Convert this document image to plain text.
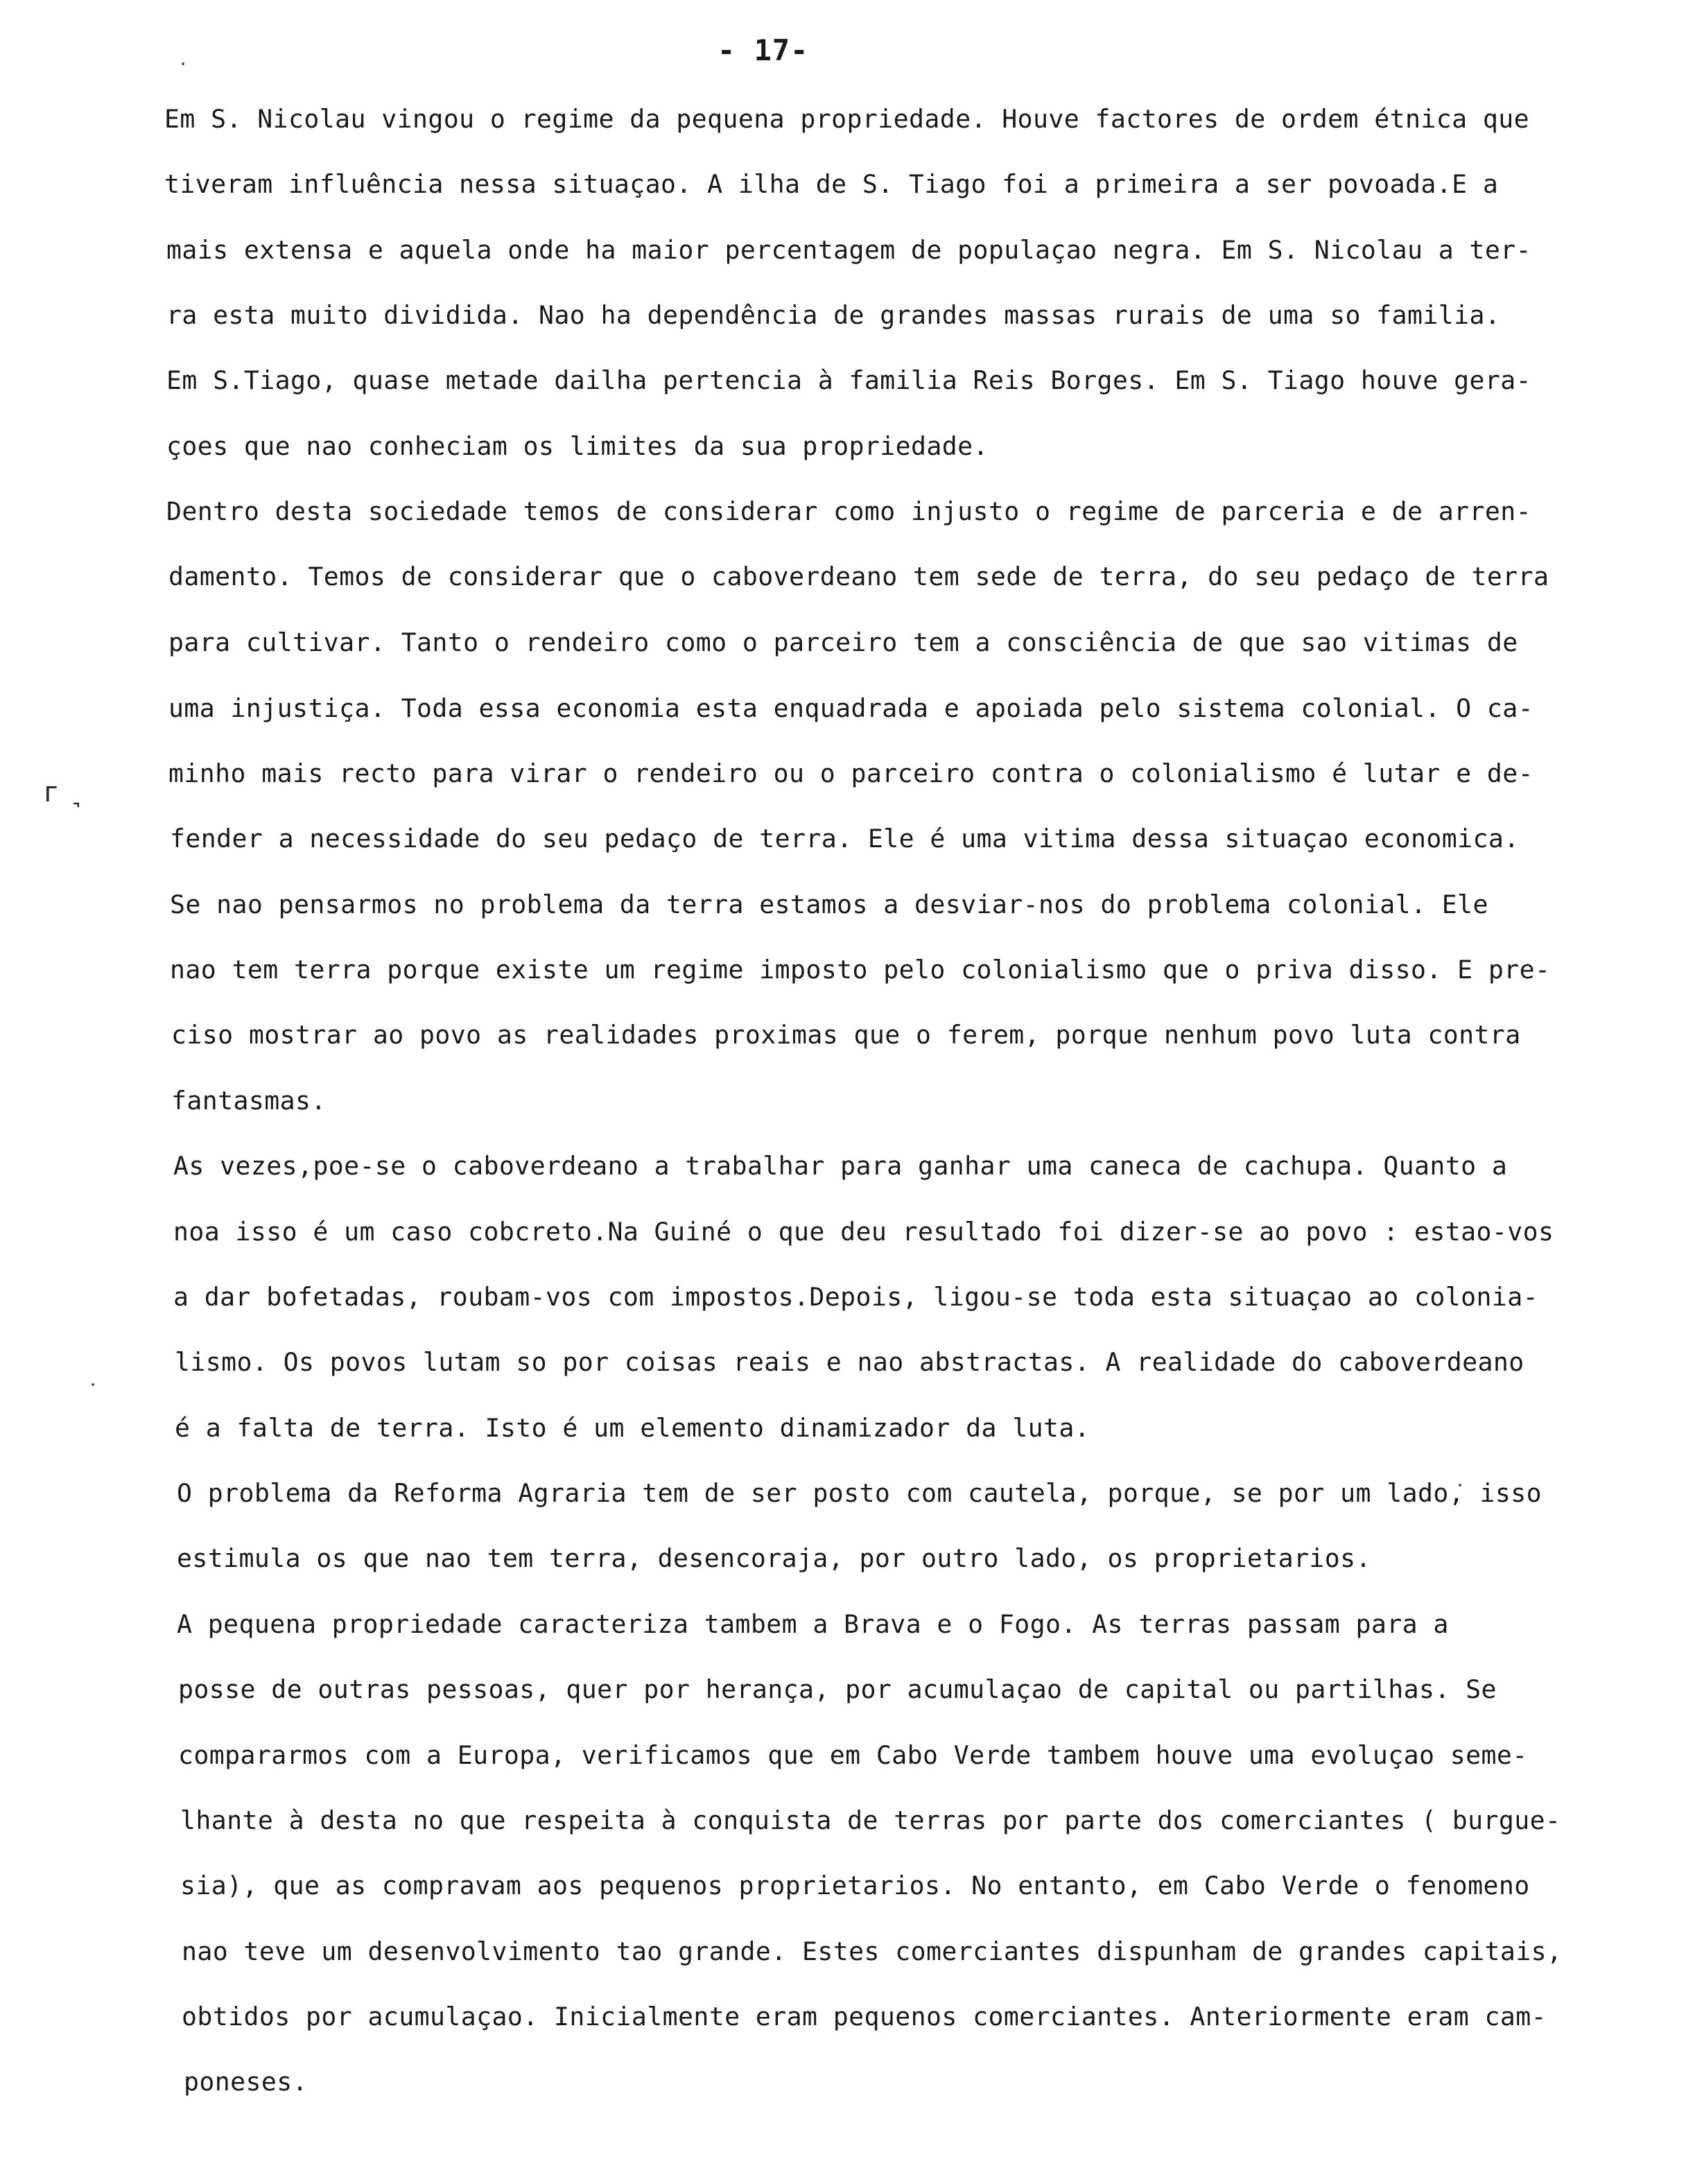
- 17-
г ͉
Em S. Nicolau vingou o regime da pequena propriedade. Houve factores de ordem étnica que
tiveram influência nessa situaçao. A ilha de S. Tiago foi a primeira a ser povoada.E a
mais extensa e aquela onde ha maior percentagem de populaçao negra. Em S. Nicolau a ter-
ra esta muito dividida. Nao ha dependência de grandes massas rurais de uma so familia.
Em S.Tiago, quase metade dailha pertencia à familia Reis Borges. Em S. Tiago houve gera-
çoes que nao conheciam os limites da sua propriedade.
Dentro desta sociedade temos de considerar como injusto o regime de parceria e de arren-
damento. Temos de considerar que o caboverdeano tem sede de terra, do seu pedaço de terra
para cultivar. Tanto o rendeiro como o parceiro tem a consciência de que sao vitimas de
uma injustiça. Toda essa economia esta enquadrada e apoiada pelo sistema colonial. O ca-
minho mais recto para virar o rendeiro ou o parceiro contra o colonialismo é lutar e de-
fender a necessidade do seu pedaço de terra. Ele é uma vitima dessa situaçao economica.
Se nao pensarmos no problema da terra estamos a desviar-nos do problema colonial. Ele
nao tem terra porque existe um regime imposto pelo colonialismo que o priva disso. E pre-
ciso mostrar ao povo as realidades proximas que o ferem, porque nenhum povo luta contra
fantasmas.
As vezes,poe-se o caboverdeano a trabalhar para ganhar uma caneca de cachupa. Quanto a
noa isso é um caso cobcreto.Na Guiné o que deu resultado foi dizer-se ao povo : estao-vos
a dar bofetadas, roubam-vos com impostos.Depois, ligou-se toda esta situaçao ao colonia-
lismo. Os povos lutam so por coisas reais e nao abstractas. A realidade do caboverdeano
é a falta de terra. Isto é um elemento dinamizador da luta.
O problema da Reforma Agraria tem de ser posto com cautela, porque, se por um lado, isso
estimula os que nao tem terra, desencoraja, por outro lado, os proprietarios.
A pequena propriedade caracteriza tambem a Brava e o Fogo. As terras passam para a
posse de outras pessoas, quer por herança, por acumulaçao de capital ou partilhas. Se
compararmos com a Europa, verificamos que em Cabo Verde tambem houve uma evoluçao seme-
lhante à desta no que respeita à conquista de terras por parte dos comerciantes ( burgue-
sia), que as compravam aos pequenos proprietarios. No entanto, em Cabo Verde o fenomeno
nao teve um desenvolvimento tao grande. Estes comerciantes dispunham de grandes capitais,
obtidos por acumulaçao. Inicialmente eram pequenos comerciantes. Anteriormente eram cam-
poneses.
